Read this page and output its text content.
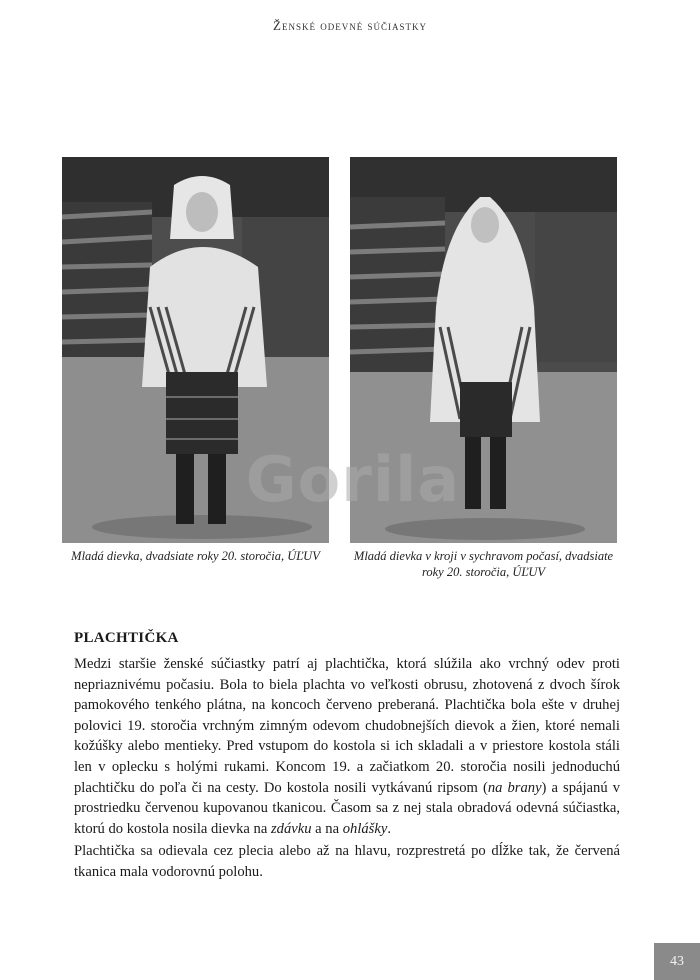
Ženské odevné súčiastky
Mladá dievka, dvadsiate roky 20. storočia, ÚĽUV	Mladá dievka v kroji v sychravom počasí, dvadsiate roky 20. storočia, ÚĽUV
Gorila
PLACHTIČKA

Medzi staršie ženské súčiastky patrí aj plachtička, ktorá slúžila ako vrchný odev proti nepriaznivému počasiu. Bola to biela plachta vo veľkosti obrusu, zhotovená z dvoch šírok pamokového tenkého plátna, na koncoch červeno preberaná. Plachtička bola ešte v druhej polovici 19. storočia vrchným zimným odevom chudobnejších dievok a žien, ktoré nemali kožúšky alebo mentieky. Pred vstupom do kostola si ich skladali a v priestore kostola stáli len v oplecku s holými rukami. Koncom 19. a začiatkom 20. storočia nosili jednoduchú plachtičku do poľa či na cesty. Do kostola nosili vytkávanú ripsom (na brany) a spájanú v prostriedku červenou kupovanou tkanicou. Časom sa z nej stala obradová odevná súčiastka, ktorú do kostola nosila dievka na zdávku a na ohlášky.

Plachtička sa odievala cez plecia alebo až na hlavu, rozprestretá po dĺžke tak, že červená tkanica mala vodorovnú polohu.

43
